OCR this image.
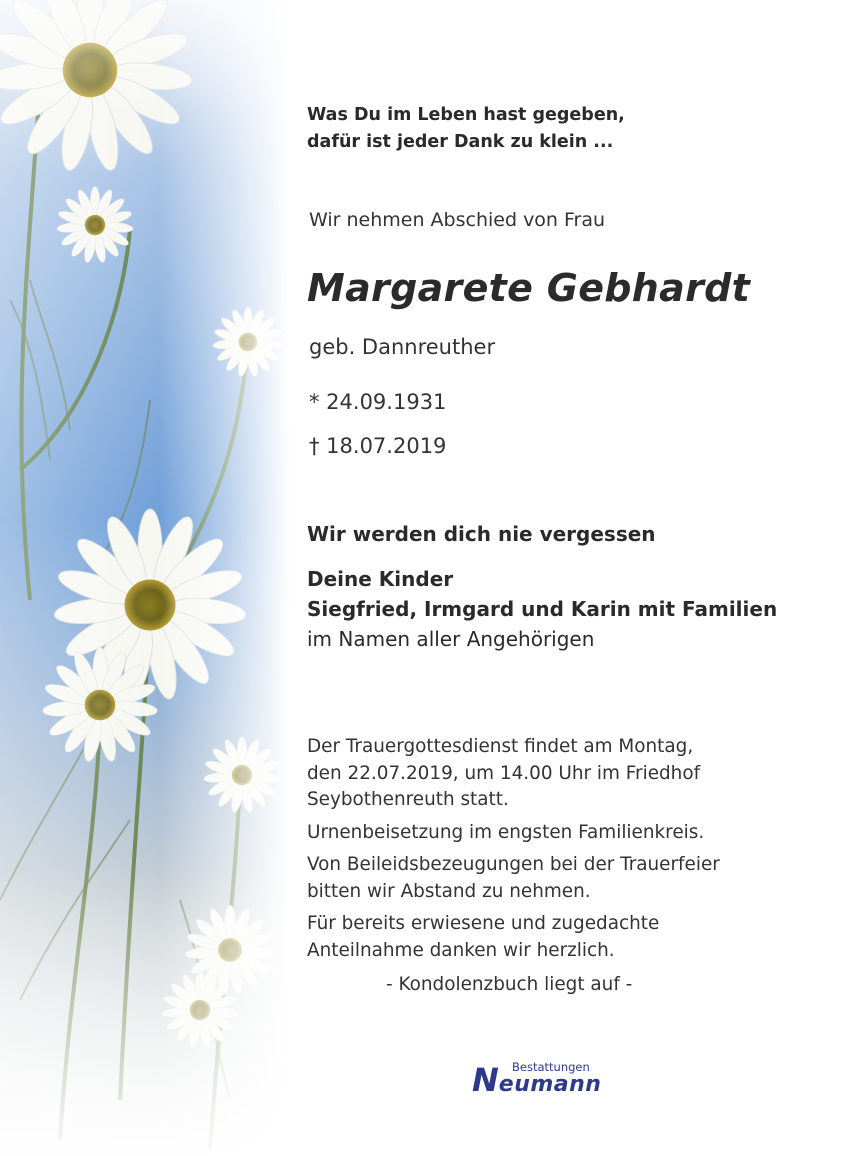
Was Du im Leben hast gegeben,
dafür ist jeder Dank zu klein ...
Wir nehmen Abschied von Frau
Margarete Gebhardt
geb. Dannreuther
* 24.09.1931
† 18.07.2019
Wir werden dich nie vergessen
Deine Kinder
Siegfried, Irmgard und Karin mit Familien
im Namen aller Angehörigen

Der Trauergottesdienst findet am Montag,
den 22.07.2019, um 14.00 Uhr im Friedhof
Seybothenreuth statt.

Urnenbeisetzung im engsten Familienkreis.

Von Beileidsbezeugungen bei der Trauerfeier
bitten wir Abstand zu nehmen.

Für bereits erwiesene und zugedachte
Anteilnahme danken wir herzlich.

- Kondolenzbuch liegt auf -
Bestattungen
Neumann
